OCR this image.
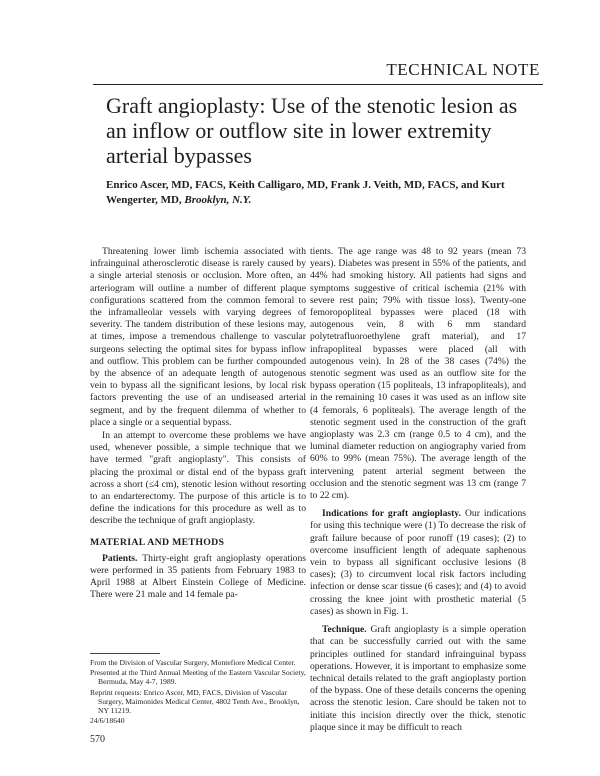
TECHNICAL NOTE
Graft angioplasty: Use of the stenotic lesion as an inflow or outflow site in lower extremity arterial bypasses
Enrico Ascer, MD, FACS, Keith Calligaro, MD, Frank J. Veith, MD, FACS, and Kurt Wengerter, MD, Brooklyn, N.Y.

Threatening lower limb ischemia associated with infrainguinal atherosclerotic disease is rarely caused by a single arterial stenosis or occlusion. More often, an arteriogram will outline a number of different plaque configurations scattered from the common femoral to the inframalleolar vessels with varying degrees of severity. The tandem distribution of these lesions may, at times, impose a tremendous challenge to vascular surgeons selecting the optimal sites for bypass inflow and outflow. This problem can be further compounded by the absence of an adequate length of autogenous vein to bypass all the significant lesions, by local risk factors preventing the use of an undiseased arterial segment, and by the frequent dilemma of whether to place a single or a sequential bypass.

In an attempt to overcome these problems we have used, whenever possible, a simple technique that we have termed "graft angioplasty". This consists of placing the proximal or distal end of the bypass graft across a short (≤4 cm), stenotic lesion without resorting to an endarterectomy. The purpose of this article is to define the indications for this procedure as well as to describe the technique of graft angioplasty.

MATERIAL AND METHODS

Patients. Thirty-eight graft angioplasty operations were performed in 35 patients from February 1983 to April 1988 at Albert Einstein College of Medicine. There were 21 male and 14 female pa-

tients. The age range was 48 to 92 years (mean 73 years). Diabetes was present in 55% of the patients, and 44% had smoking history. All patients had signs and symptoms suggestive of critical ischemia (21% with severe rest pain; 79% with tissue loss). Twenty-one femoropopliteal bypasses were placed (18 with autogenous vein, 8 with 6 mm standard polytetrafluoroethylene graft material), and 17 infrapopliteal bypasses were placed (all with autogenous vein). In 28 of the 38 cases (74%) the stenotic segment was used as an outflow site for the bypass operation (15 popliteals, 13 infrapopliteals), and in the remaining 10 cases it was used as an inflow site (4 femorals, 6 popliteals). The average length of the stenotic segment used in the construction of the graft angioplasty was 2.3 cm (range 0.5 to 4 cm), and the luminal diameter reduction on angiography varied from 60% to 99% (mean 75%). The average length of the intervening patent arterial segment between the occlusion and the stenotic segment was 13 cm (range 7 to 22 cm).

Indications for graft angioplasty. Our indications for using this technique were (1) To decrease the risk of graft failure because of poor runoff (19 cases); (2) to overcome insufficient length of adequate saphenous vein to bypass all significant occlusive lesions (8 cases); (3) to circumvent local risk factors including infection or dense scar tissue (6 cases); and (4) to avoid crossing the knee joint with prosthetic material (5 cases) as shown in Fig. 1.

Technique. Graft angioplasty is a simple operation that can be successfully carried out with the same principles outlined for standard infrainguinal bypass operations. However, it is important to emphasize some technical details related to the graft angioplasty portion of the bypass. One of these details concerns the opening across the stenotic lesion. Care should be taken not to initiate this incision directly over the thick, stenotic plaque since it may be difficult to reach

From the Division of Vascular Surgery, Montefiore Medical Center.

Presented at the Third Annual Meeting of the Eastern Vascular Society, Bermuda, May 4-7, 1989.

Reprint requests: Enrico Ascer, MD, FACS, Division of Vascular Surgery, Maimonides Medical Center, 4802 Tenth Ave., Brooklyn, NY 11219.

24/6/18640

570
